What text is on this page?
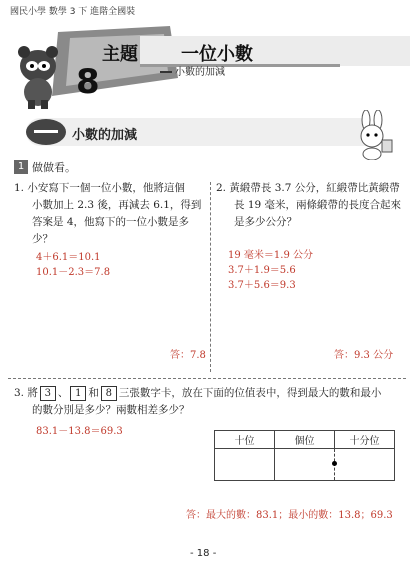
國民小學 數學 3 下 進階全國裝
主題
8
一位小數
小數的加減
小數的加減
1 做做看。
1. 小安寫下一個一位小數，他將這個
小數加上 2.3 後，再減去 6.1，得到
答案是 4，他寫下的一位小數是多
少？
4＋6.1＝10.1
10.1－2.3＝7.8
答：7.8
2. 黃緞帶長 3.7 公分，紅緞帶比黃緞帶
長 19 毫米，兩條緞帶的長度合起來
是多少公分？
19 毫米＝1.9 公分
3.7＋1.9＝5.6
3.7＋5.6＝9.3
答：9.3 公分
3. 將 3 、 1 和 8 三張數字卡，放在下面的位值表中，得到最大的數和最小
的數分別是多少？兩數相差多少？
83.1－13.8＝69.3
十位	個位	十分位

答：最大的數：83.1；最小的數：13.8；69.3
- 18 -
